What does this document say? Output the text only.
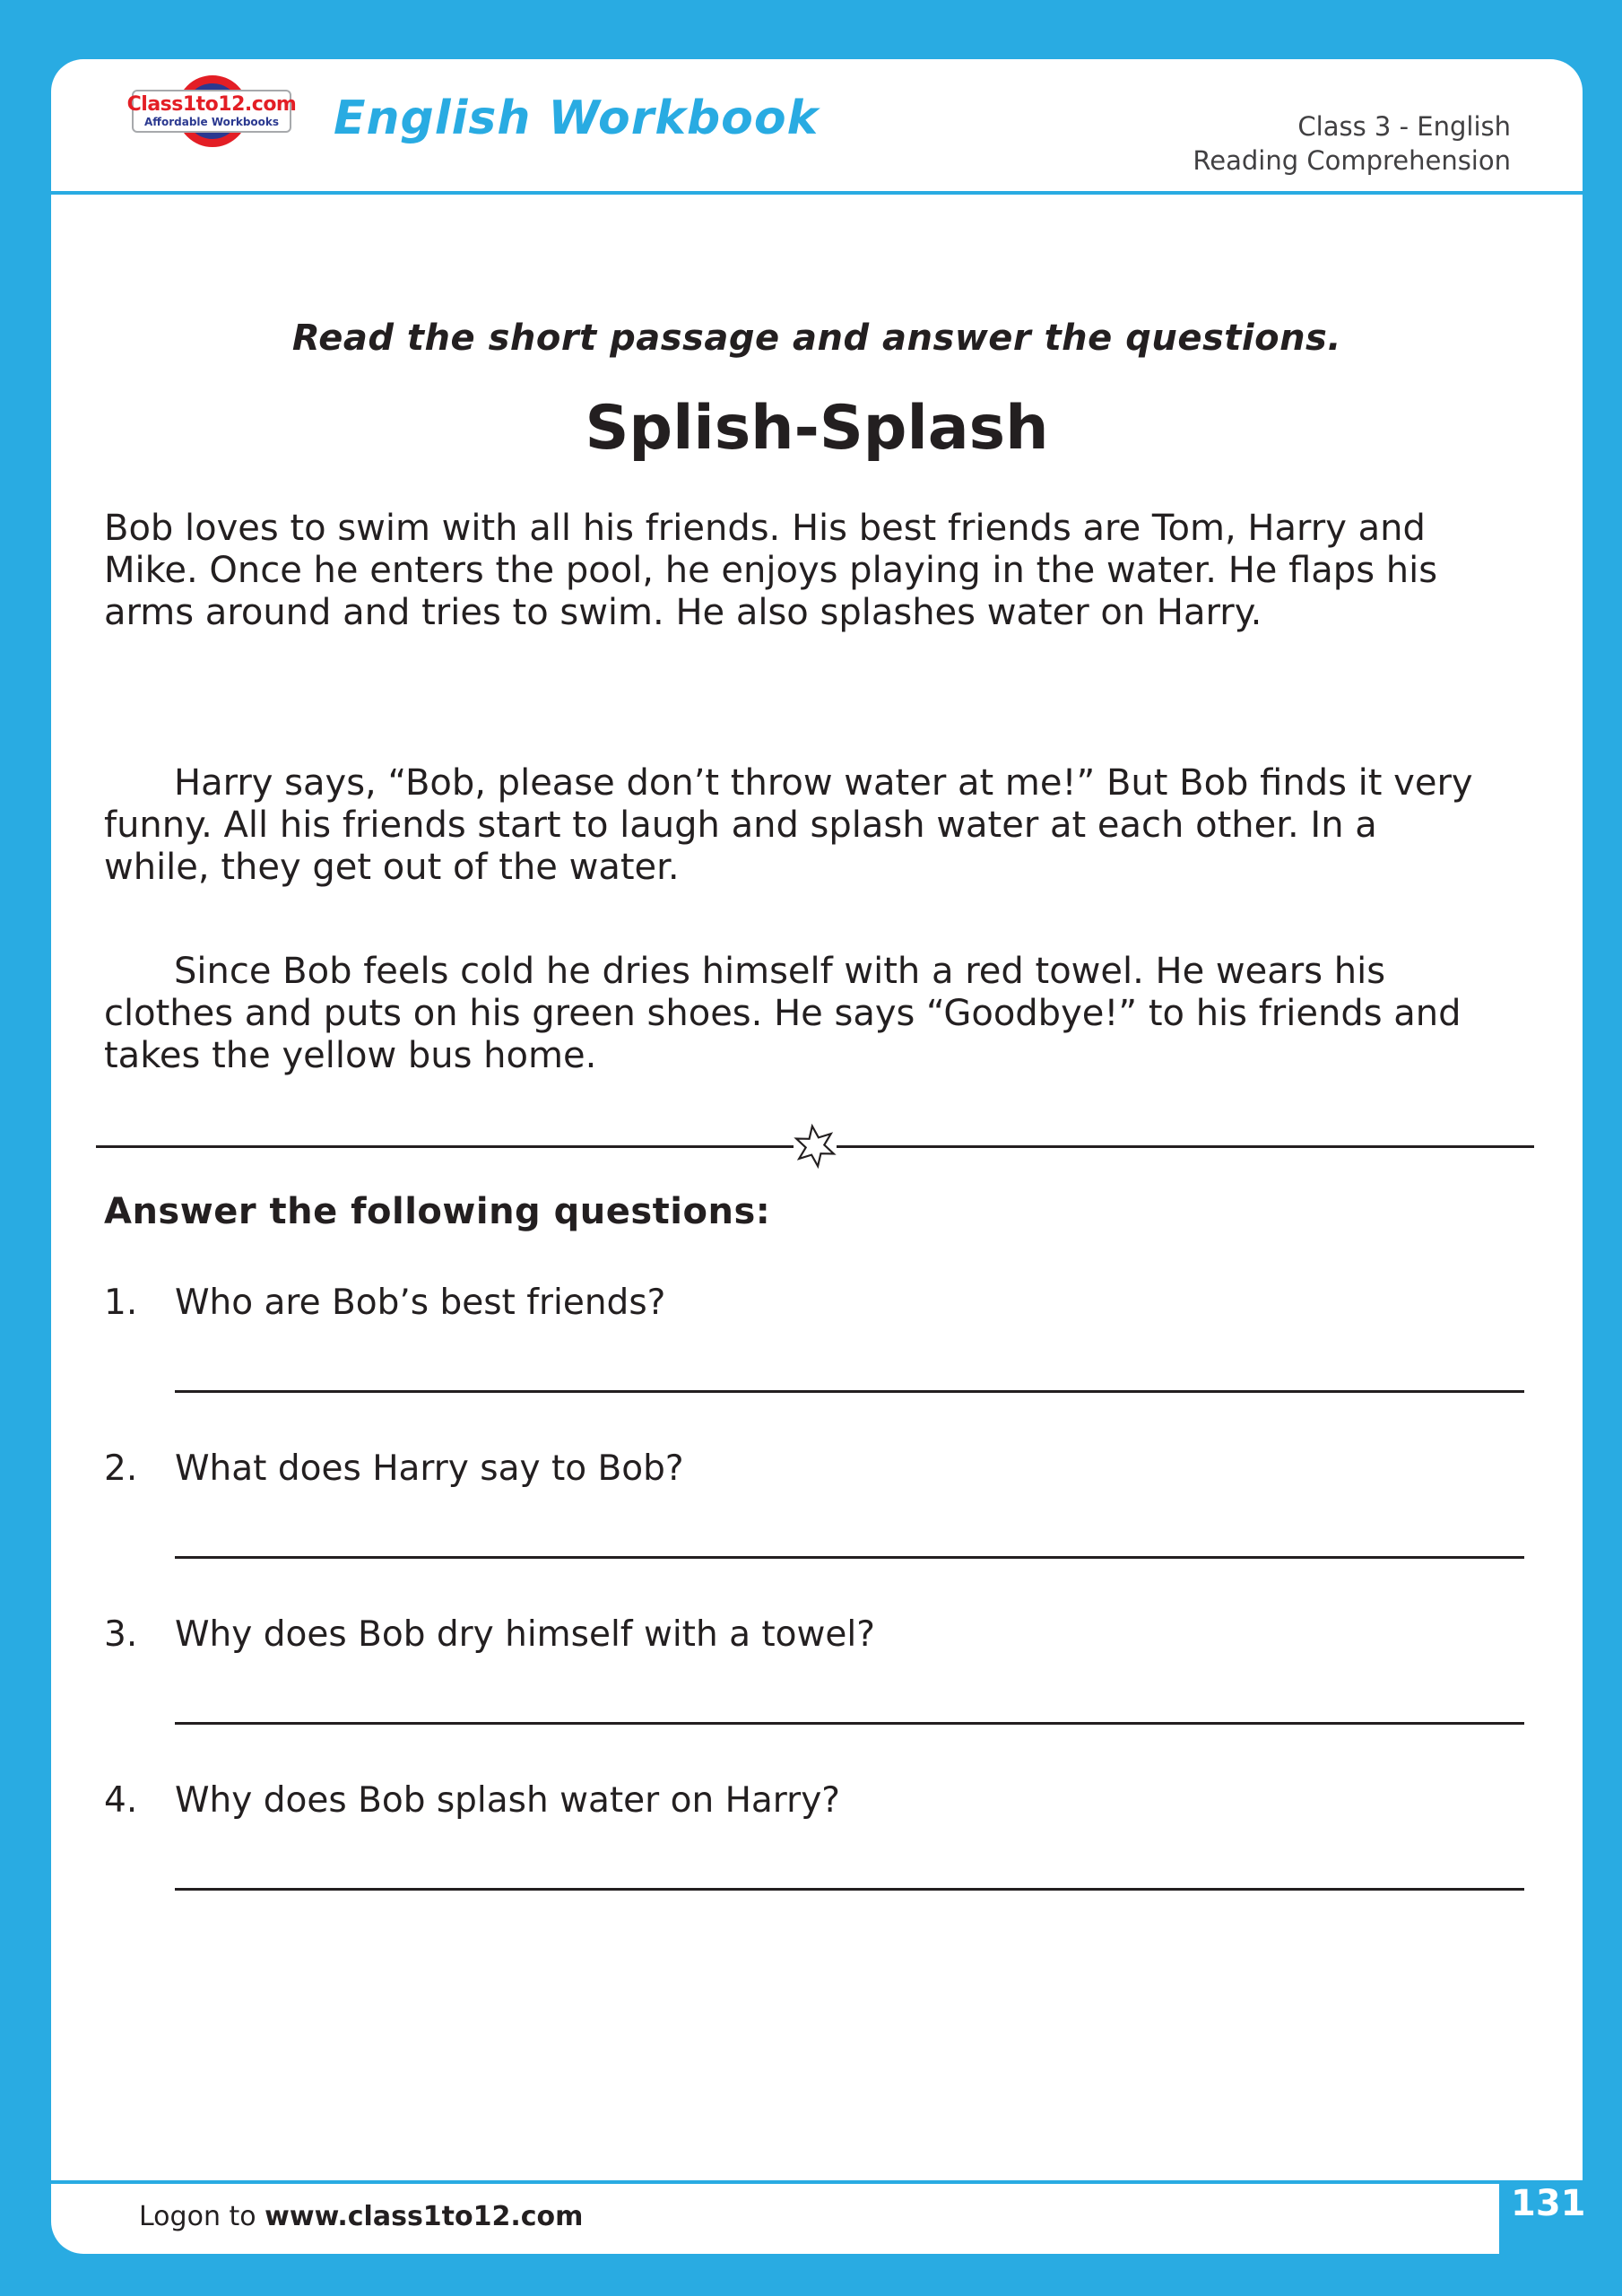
Class1to12.com
Affordable Workbooks English Workbook	Class 3 - English
Reading Comprehension
Read the short passage and answer the questions.
Splish-Splash
Bob loves to swim with all his friends. His best friends are Tom, Harry and Mike. Once he enters the pool, he enjoys playing in the water. He flaps his arms around and tries to swim. He also splashes water on Harry.
Harry says, “Bob, please don’t throw water at me!” But Bob finds it very funny. All his friends start to laugh and splash water at each other. In a while, they get out of the water.
Since Bob feels cold he dries himself with a red towel. He wears his clothes and puts on his green shoes. He says “Goodbye!” to his friends and takes the yellow bus home.
Answer the following questions:
1. Who are Bob’s best friends?
2. What does Harry say to Bob?
3. Why does Bob dry himself with a towel?
4. Why does Bob splash water on Harry?
Logon to www.class1to12.com	131
